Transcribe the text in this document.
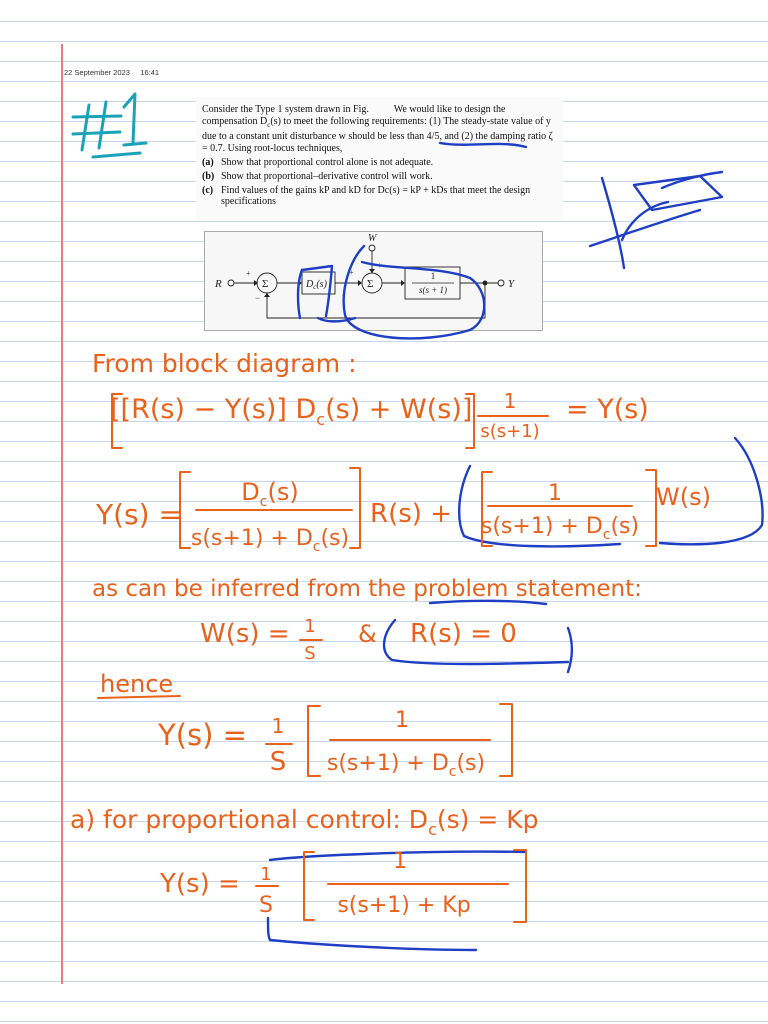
22 September 2023 16:41

Consider the Type 1 system drawn in Fig. We would like to design the compensation $D_c(s)$ to meet the following requirements: (1) The steady-state value of y due to a constant unit disturbance w should be less than 4/5, and (2) the damping ratio ζ = 0.7. Using root-locus techniques,

(a) Show that proportional control alone is not adequate.
(b) Show that proportional–derivative control will work.
(c) Find values of the gains kP and kD for Dc(s) = kP + kDs that meet the design specifications
R	Σ
+
−
$D_c(s)$	Σ
+
+
W
1
s(s + 1)	Y
#1
From block diagram :
[[R(s) − Y(s)] $D_c(s) + W(s)$] 1
s(s+1)
= Y(s)
Y(s) =
$D_c(s)$
$s(s+1) + D_c(s)$
R(s) +
1
$s(s+1) + D_c(s)$
W(s)
as can be inferred from the problem statement:
W(s) = 1
S
& R(s) = 0
hence
Y(s) = 1
S
1
$s(s+1) + D_c(s)$
a) for proportional control: $D_c(s) = Kp$
Y(s) = 1
S
1
s(s+1) + Kp
